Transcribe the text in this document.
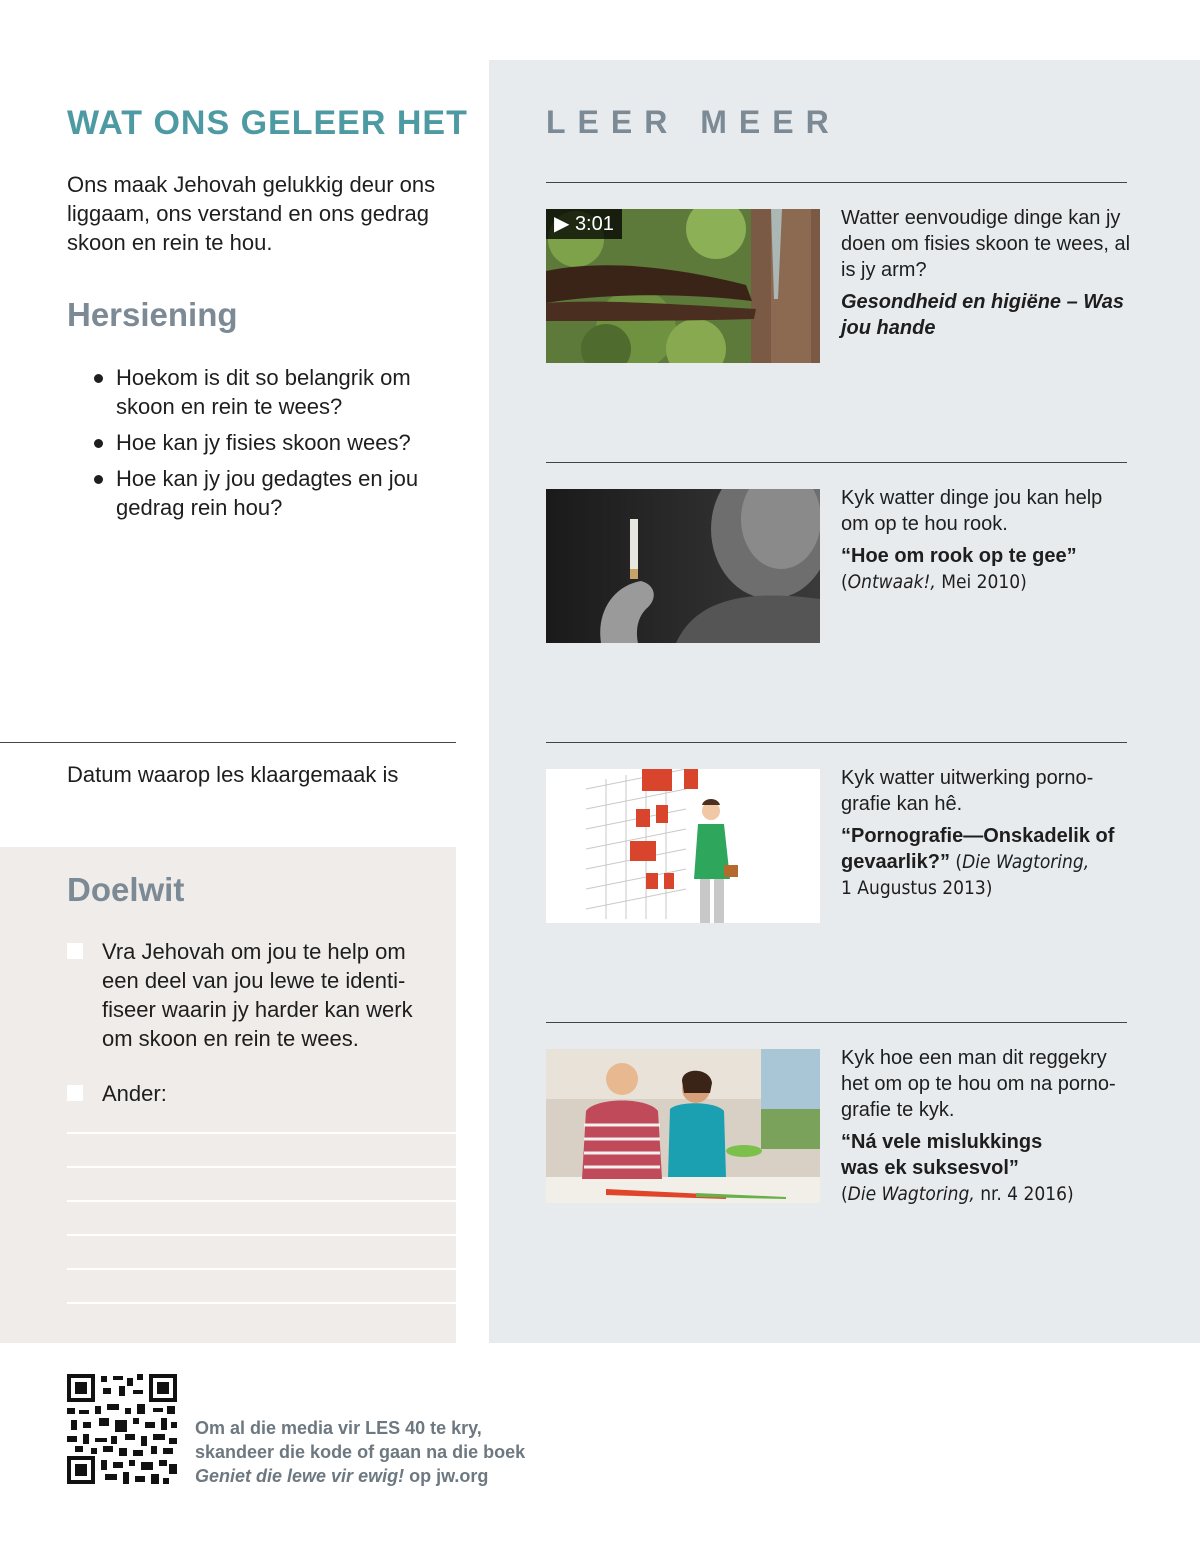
WAT ONS GELEER HET

Ons maak Jehovah gelukkig deur ons liggaam, ons verstand en ons gedrag skoon en rein te hou.

Hersiening
Hoekom is dit so belangrik om skoon en rein te wees?
Hoe kan jy fisies skoon wees?
Hoe kan jy jou gedagtes en jou gedrag rein hou?
Datum waarop les klaargemaak is
Doelwit
Vra Jehovah om jou te help om een deel van jou lewe te identifiseer waarin jy harder kan werk om skoon en rein te wees.
Ander:
LEER MEER
▶ 3:01	Watter eenvoudige dinge kan jy doen om fisies skoon te wees, al is jy arm?

Gesondheid en higiëne – Was jou hande

Kyk watter dinge jou kan help om op te hou rook.

“Hoe om rook op te gee”

(Ontwaak!, Mei 2010)

Kyk watter uitwerking pornografie kan hê.

“Pornografie—Onskadelik of gevaarlik?” (Die Wagtoring,

1 Augustus 2013)

Kyk hoe een man dit reggekry het om op te hou om na pornografie te kyk.

“Ná vele mislukkings was ek suksesvol”

(Die Wagtoring, nr. 4 2016)

Om al die media vir LES 40 te kry,
skandeer die kode of gaan na die boek
Geniet die lewe vir ewig! op jw.org
